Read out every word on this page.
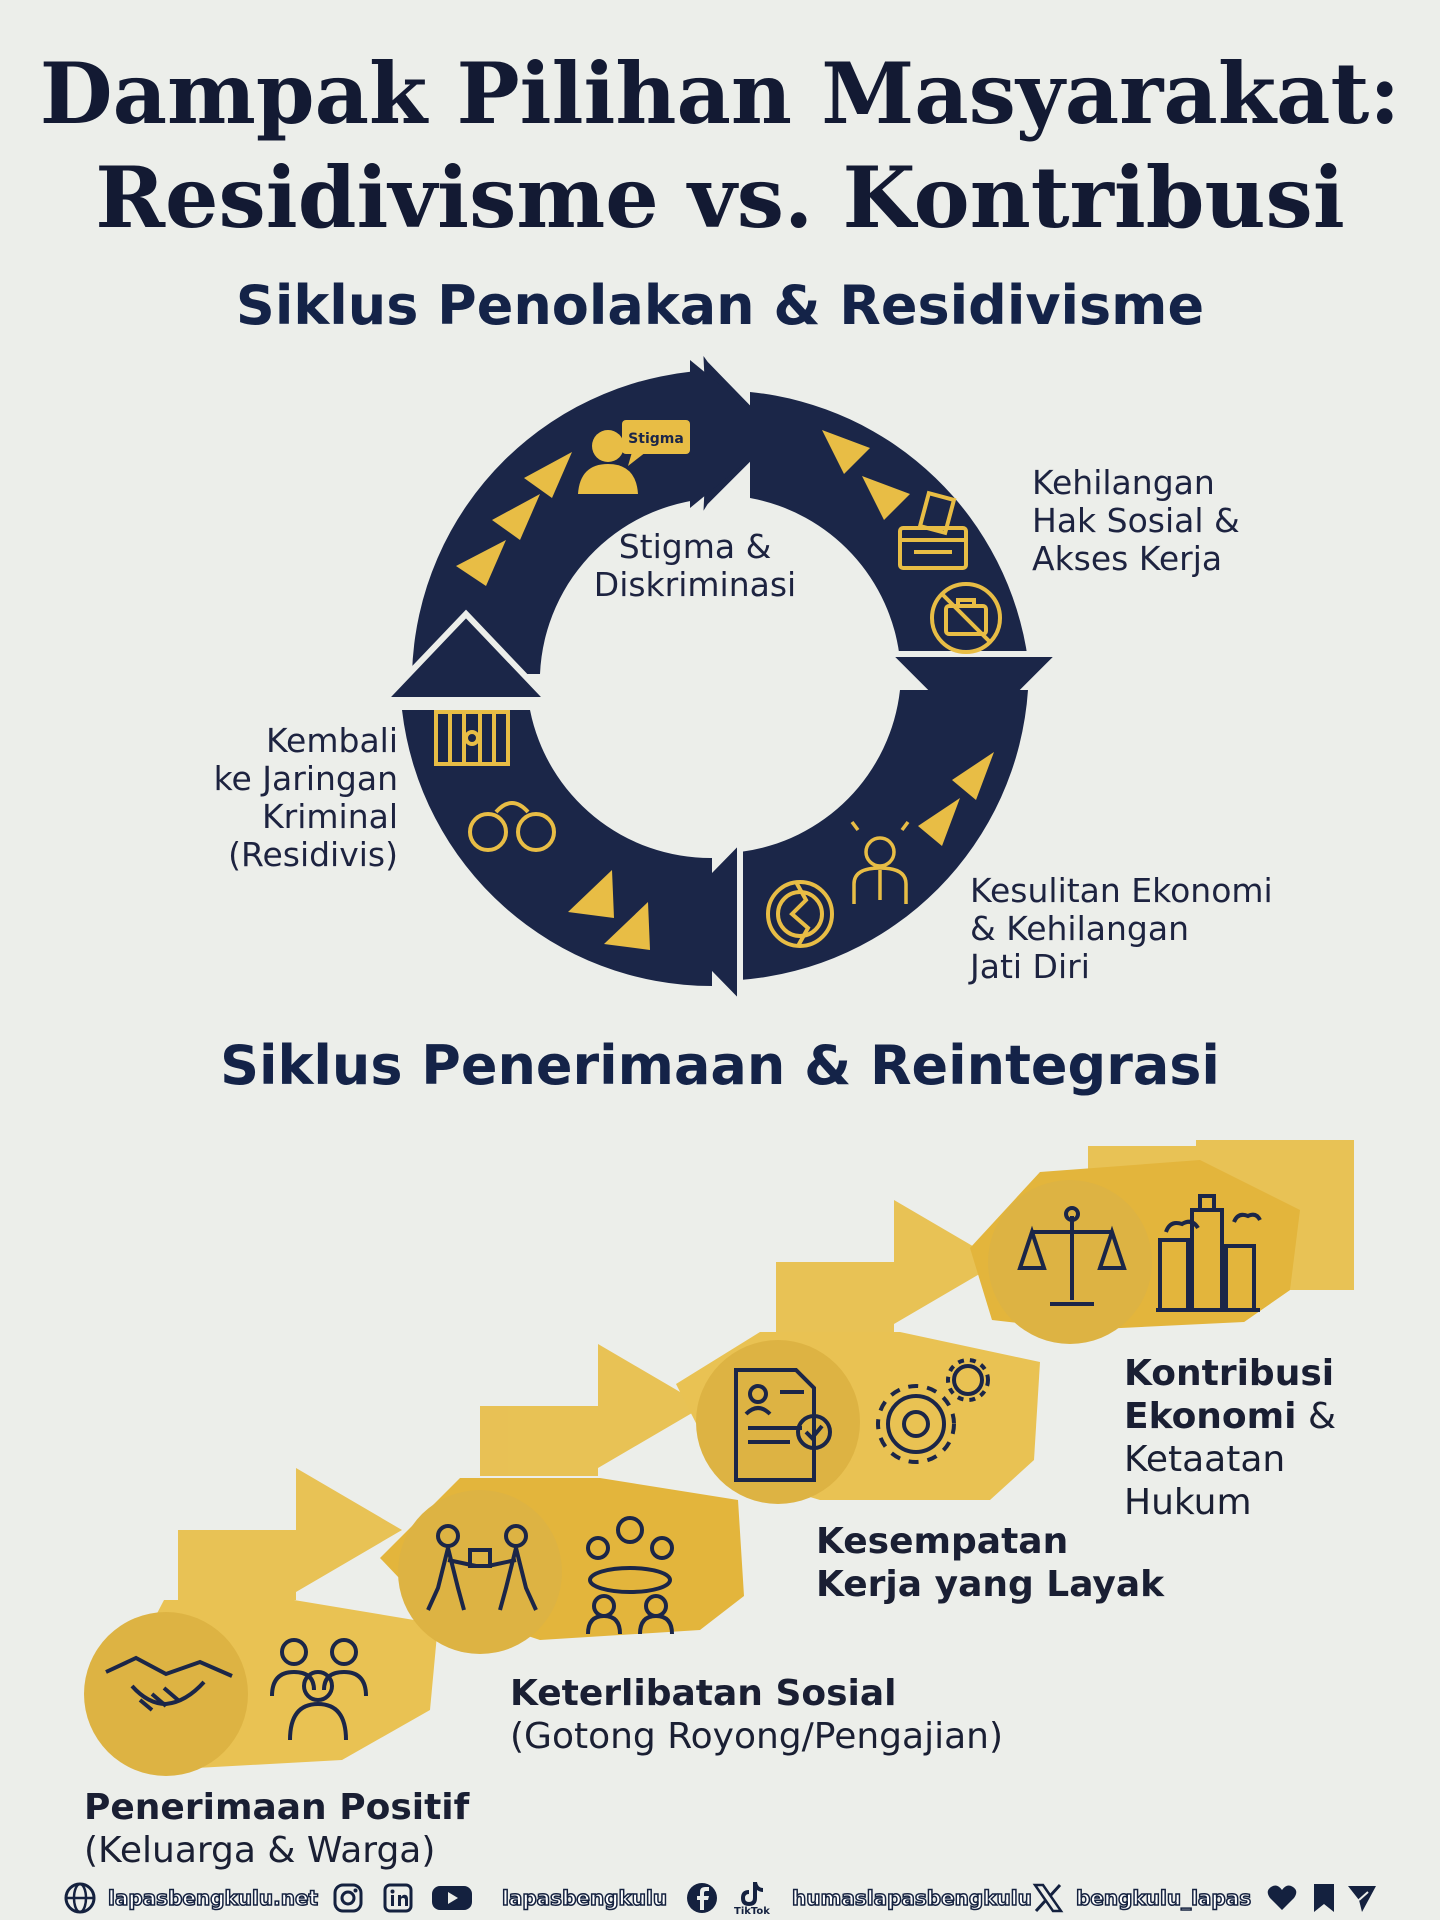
Dampak Pilihan Masyarakat:
Residivisme vs. Kontribusi
Siklus Penolakan & Residivisme
Stigma
Stigma &
Diskriminasi
Kehilangan
Hak Sosial &
Akses Kerja
Kesulitan Ekonomi
& Kehilangan
Jati Diri
Kembali
ke Jaringan
Kriminal
(Residivis)
Siklus Penerimaan & Reintegrasi
Penerimaan Positif
(Keluarga & Warga)
Keterlibatan Sosial
(Gotong Royong/Pengajian)
Kesempatan
Kerja yang Layak
Kontribusi
Ekonomi &
Ketaatan
Hukum
lapasbengkulu.net	lapasbengkulu
TikTok
humaslapasbengkulu bengkulu_lapas
